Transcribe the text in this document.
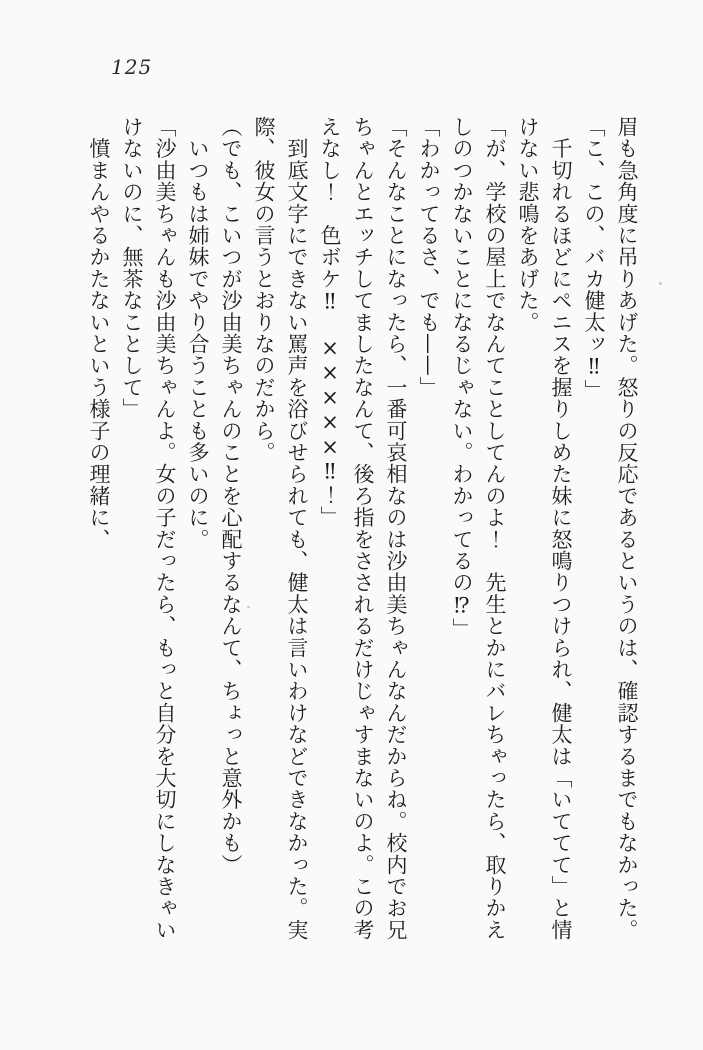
125

眉も急角度に吊りあげた。怒りの反応であるというのは、確認するまでもなかった。

「こ、この、バカ健太ッ‼」

　千切れるほどにペニスを握りしめた妹に怒鳴りつけられ、健太は「いててて」と情

けない悲鳴をあげた。

「が、学校の屋上でなんてことしてんのよ！　先生とかにバレちゃったら、取りかえ

しのつかないことになるじゃない。わかってるの⁉」

「わかってるさ、でも——」

「そんなことになったら、一番可哀相なのは沙由美ちゃんなんだからね。校内でお兄

ちゃんとエッチしてましたなんて、後ろ指をさされるだけじゃすまないのよ。この考

えなし！　色ボケ‼　×××××‼！」

　到底文字にできない罵声を浴びせられても、健太は言いわけなどできなかった。実

際、彼女の言うとおりなのだから。

（でも、こいつが沙由美ちゃんのことを心配するなんて、ちょっと意外かも）

　いつもは姉妹でやり合うことも多いのに。

「沙由美ちゃんも沙由美ちゃんよ。女の子だったら、もっと自分を大切にしなきゃい

けないのに、無茶なことして」

　憤まんやるかたないという様子の理緒に、
